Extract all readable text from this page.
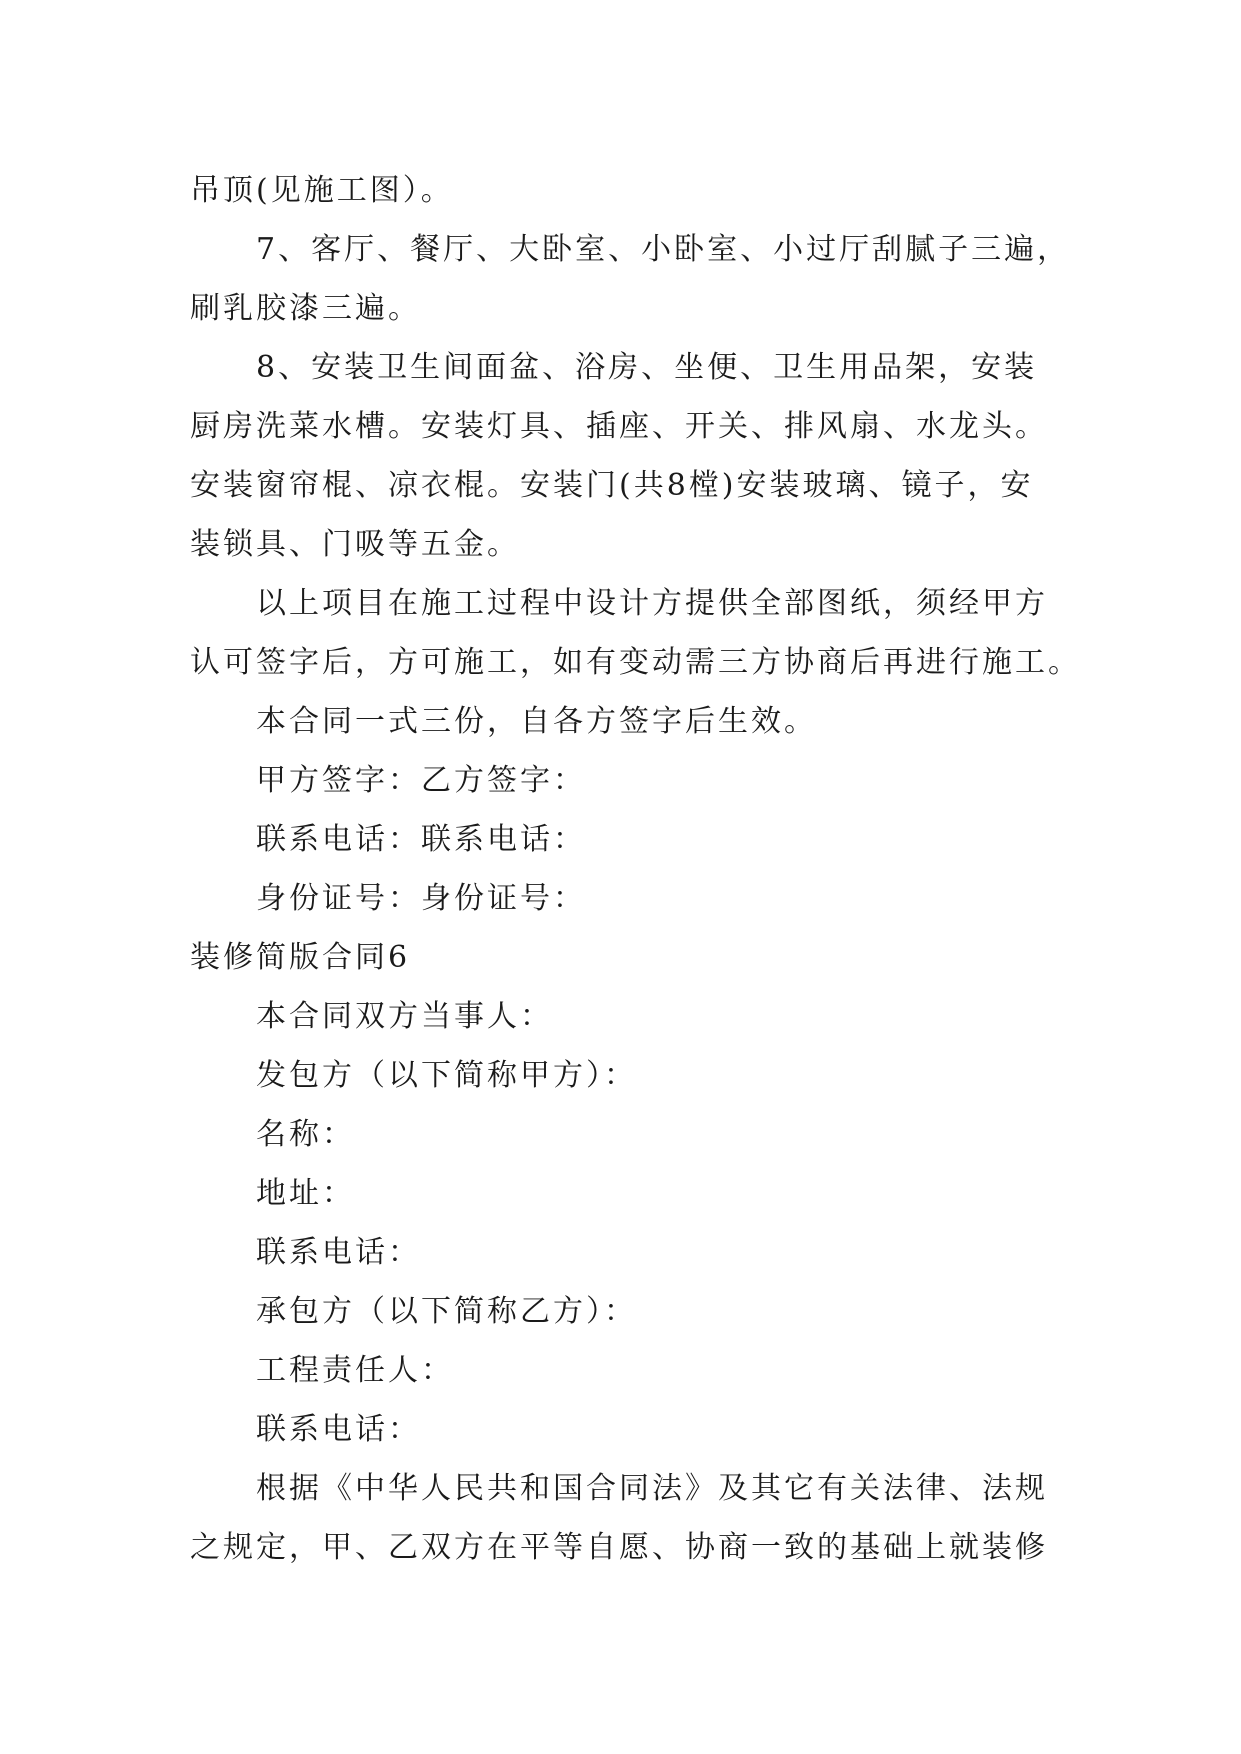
吊顶(见施工图）。
7、客厅、餐厅、大卧室、小卧室、小过厅刮腻子三遍，
刷乳胶漆三遍。
8、安装卫生间面盆、浴房、坐便、卫生用品架，安装
厨房洗菜水槽。安装灯具、插座、开关、排风扇、水龙头。
安装窗帘棍、凉衣棍。安装门(共8樘)安装玻璃、镜子，安
装锁具、门吸等五金。
以上项目在施工过程中设计方提供全部图纸，须经甲方
认可签字后，方可施工，如有变动需三方协商后再进行施工。
本合同一式三份，自各方签字后生效。
甲方签字：乙方签字：
联系电话：联系电话：
身份证号：身份证号：
装修简版合同6
本合同双方当事人：
发包方（以下简称甲方）：
名称：
地址：
联系电话：
承包方（以下简称乙方）：
工程责任人：
联系电话：
根据《中华人民共和国合同法》及其它有关法律、法规
之规定，甲、乙双方在平等自愿、协商一致的基础上就装修
